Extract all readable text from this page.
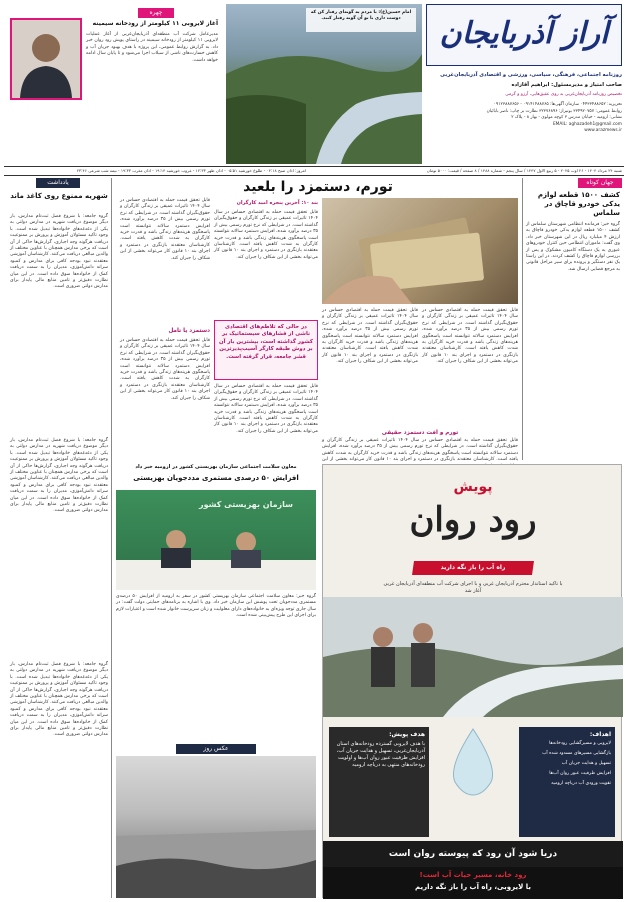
آراز آذربایجان
روزنامه اجتماعی، فرهنگی، سیاسی، ورزشی و اقتصادی آذربایجان‌غربی
صاحب امتیاز و مدیرمسئول: ابراهیم آقازاده
تخصیص روزنامه آذربایجان‌غربی به روی عقیق‌هایی، آرزو و گرمی
تحریریه: ۰۴۴۳۳۴۸۸۶۵۲ سازمان آگهی‌ها: ۰۹۱۴۱۴۸۸۷۶۵ - ۰۹۱۲۳۸۸۷۶۵۶
روابط عمومی: ۳۳۴۹۲۰۷۵۷ بوتیراژ: ۳۲۳۷۶۸۹۶ نظارت بر چاپ: ناصر بابائیان
نشانی: ارومیه - خیابان مدرس ۳ کوچه مولوی - بهار ۸ - پلاک ۲
EMAIL: aghazadeh1@gmail.com
www.arazmews.ir
امام حسین(ع): با مردم به گونه‌ای رفتار کن که دوست داری با تو آن گونه رفتار کنند.
چهره
آغاز لایروبی ۱۱ کیلومتر از رودخانه سیمینه
مدیرعامل شرکت آب منطقه‌ای آذربایجان‌غربی از آغاز عملیات لایروبی ۱۱ کیلومتر از رودخانه سیمینه در راستای پویش رود روان خبر داد. به گزارش روابط عمومی، این پروژه با هدف بهبود جریان آب و کاهش خسارت‌های ناشی از سیلاب اجرا می‌شود و تا پایان سال ادامه خواهد داشت.
شنبه ۲۴ مرداد ۱۴۰۴ - ۲۶ اوت ۲۰۲۵ - ۵ ربیع الاول ۱۴۴۷ / سال پنجم - شماره ۱۴۸۸ / ۸ صفحه / قیمت: ۵۰۰۰ تومان
امروز: اذان صبح ۰۴:۱۸ - طلوع خورشید ۰۵:۵۱ - اذان ظهر ۱۲:۳۳ - غروب خورشید ۱۹:۱۴ - اذان مغرب ۱۹:۳۳ - نیمه شب شرعی ۲۳:۴۶
جهان کوتاه
کشف ۱۵۰۰ قطعه لوازم یدکی خودرو قاچاق در سلماس
گروه خبر: فرمانده انتظامی شهرستان سلماس از کشف ۱۵۰۰ قطعه لوازم یدکی خودرو قاچاق به ارزش ۴ میلیارد ریال در این شهرستان خبر داد. وی گفت: ماموران انتظامی حین کنترل خودروهای عبوری به یک دستگاه کامیون مشکوک و پس از بررسی لوازم قاچاق را کشف کردند. در این راستا یک نفر دستگیر و پرونده برای سیر مراحل قانونی به مرجع قضایی ارسال شد.
تورم، دستمزد را بلعید
بند ۱۰: آخرین پنجره امید کارگران
قابل تحقق قیمت حمله به اقتصادی حساس در سال ۱۴۰۴ تاثیرات عمیقی بر زندگی کارگران و حقوق‌بگیران گذاشته است. در شرایطی که نرخ تورم رسمی بیش از ۳۵ درصد برآورد شده، افزایش دستمزد سالانه نتوانسته است پاسخگوی هزینه‌های زندگی باشد و قدرت خرید کارگران به شدت کاهش یافته است. کارشناسان معتقدند بازنگری در دستمزد و اجرای بند ۱۰ قانون کار می‌تواند بخشی از این شکاف را جبران کند.
دستمزد یا تامل
قابل تحقق قیمت حمله به اقتصادی حساس در سال ۱۴۰۴ تاثیرات عمیقی بر زندگی کارگران و حقوق‌بگیران گذاشته است. در شرایطی که نرخ تورم رسمی بیش از ۳۵ درصد برآورد شده، افزایش دستمزد سالانه نتوانسته است پاسخگوی هزینه‌های زندگی باشد و قدرت خرید کارگران به شدت کاهش یافته است. کارشناسان معتقدند بازنگری در دستمزد و اجرای بند ۱۰ قانون کار می‌تواند بخشی از این شکاف را جبران کند.
قابل تحقق قیمت حمله به اقتصادی حساس در سال ۱۴۰۴ تاثیرات عمیقی بر زندگی کارگران و حقوق‌بگیران گذاشته است. در شرایطی که نرخ تورم رسمی بیش از ۳۵ درصد برآورد شده، افزایش دستمزد سالانه نتوانسته است پاسخگوی هزینه‌های زندگی باشد و قدرت خرید کارگران به شدت کاهش یافته است. کارشناسان معتقدند بازنگری در دستمزد و اجرای بند ۱۰ قانون کار می‌تواند بخشی از این شکاف را جبران کند.
در حالی که تلاطم‌های اقتصادی ناشی از فشارهای سیستماتیک بر کشور گذاشته است، بیشترین بار آن بر دوش طبقه کارگر آسیب‌پذیرترین قشر جامعه، قرار گرفته است.
قابل تحقق قیمت حمله به اقتصادی حساس در سال ۱۴۰۴ تاثیرات عمیقی بر زندگی کارگران و حقوق‌بگیران گذاشته است. در شرایطی که نرخ تورم رسمی بیش از ۳۵ درصد برآورد شده، افزایش دستمزد سالانه نتوانسته است پاسخگوی هزینه‌های زندگی باشد و قدرت خرید کارگران به شدت کاهش یافته است. کارشناسان معتقدند بازنگری در دستمزد و اجرای بند ۱۰ قانون کار می‌تواند بخشی از این شکاف را جبران کند.
قابل تحقق قیمت حمله به اقتصادی حساس در سال ۱۴۰۴ تاثیرات عمیقی بر زندگی کارگران و حقوق‌بگیران گذاشته است. در شرایطی که نرخ تورم رسمی بیش از ۳۵ درصد برآورد شده، افزایش دستمزد سالانه نتوانسته است پاسخگوی هزینه‌های زندگی باشد و قدرت خرید کارگران به شدت کاهش یافته است. کارشناسان معتقدند بازنگری در دستمزد و اجرای بند ۱۰ قانون کار می‌تواند بخشی از این شکاف را جبران کند.
قابل تحقق قیمت حمله به اقتصادی حساس در سال ۱۴۰۴ تاثیرات عمیقی بر زندگی کارگران و حقوق‌بگیران گذاشته است. در شرایطی که نرخ تورم رسمی بیش از ۳۵ درصد برآورد شده، افزایش دستمزد سالانه نتوانسته است پاسخگوی هزینه‌های زندگی باشد و قدرت خرید کارگران به شدت کاهش یافته است. کارشناسان معتقدند بازنگری در دستمزد و اجرای بند ۱۰ قانون کار می‌تواند بخشی از این شکاف را جبران کند.
تورم و افت دستمزد حقیقی
قابل تحقق قیمت حمله به اقتصادی حساس در سال ۱۴۰۴ تاثیرات عمیقی بر زندگی کارگران و حقوق‌بگیران گذاشته است. در شرایطی که نرخ تورم رسمی بیش از ۳۵ درصد برآورد شده، افزایش دستمزد سالانه نتوانسته است پاسخگوی هزینه‌های زندگی باشد و قدرت خرید کارگران به شدت کاهش یافته است. کارشناسان معتقدند بازنگری در دستمزد و اجرای بند ۱۰ قانون کار می‌تواند بخشی از این
یادداشت
شهریه ممنوع روی کاغذ ماند
گروه جامعه: با شروع فصل ثبت‌نام مدارس، بار دیگر موضوع دریافت شهریه در مدارس دولتی به یکی از دغدغه‌های خانواده‌ها تبدیل شده است. با وجود تاکید مسئولان آموزش و پرورش بر ممنوعیت دریافت هرگونه وجه اجباری، گزارش‌ها حاکی از آن است که برخی مدارس همچنان با عناوین مختلف از والدین مبالغی دریافت می‌کنند. کارشناسان آموزشی معتقدند نبود بودجه کافی برای مدارس و کمبود سرانه دانش‌آموزی، مدیران را به سمت دریافت کمک از خانواده‌ها سوق داده است. در این میان نظارت دقیق‌تر و تامین منابع مالی پایدار برای مدارس دولتی ضروری است.
گروه جامعه: با شروع فصل ثبت‌نام مدارس، بار دیگر موضوع دریافت شهریه در مدارس دولتی به یکی از دغدغه‌های خانواده‌ها تبدیل شده است. با وجود تاکید مسئولان آموزش و پرورش بر ممنوعیت دریافت هرگونه وجه اجباری، گزارش‌ها حاکی از آن است که برخی مدارس همچنان با عناوین مختلف از والدین مبالغی دریافت می‌کنند. کارشناسان آموزشی معتقدند نبود بودجه کافی برای مدارس و کمبود سرانه دانش‌آموزی، مدیران را به سمت دریافت کمک از خانواده‌ها سوق داده است. در این میان نظارت دقیق‌تر و تامین منابع مالی پایدار برای مدارس دولتی ضروری است.
گروه جامعه: با شروع فصل ثبت‌نام مدارس، بار دیگر موضوع دریافت شهریه در مدارس دولتی به یکی از دغدغه‌های خانواده‌ها تبدیل شده است. با وجود تاکید مسئولان آموزش و پرورش بر ممنوعیت دریافت هرگونه وجه اجباری، گزارش‌ها حاکی از آن است که برخی مدارس همچنان با عناوین مختلف از والدین مبالغی دریافت می‌کنند. کارشناسان آموزشی معتقدند نبود بودجه کافی برای مدارس و کمبود سرانه دانش‌آموزی، مدیران را به سمت دریافت کمک از خانواده‌ها سوق داده است. در این میان نظارت دقیق‌تر و تامین منابع مالی پایدار برای مدارس دولتی ضروری است.
معاون سلامت اجتماعی سازمان بهزیستی کشور در ارومیه خبر داد
افزایش ۵۰ درصدی مستمری مددجویان بهزیستی
سازمان بهزیستی کشور
گروه خبر: معاون سلامت اجتماعی سازمان بهزیستی کشور در سفر به ارومیه از افزایش ۵۰ درصدی مستمری مددجویان تحت پوشش این سازمان خبر داد. وی با اشاره به برنامه‌های حمایتی دولت گفت: در سال جاری توجه ویژه‌ای به خانواده‌های دارای معلولیت و زنان سرپرست خانوار شده است و اعتبارات لازم برای اجرای این طرح پیش‌بینی شده است.
عکس روز
پویش
رود روان
راه آب را باز نگه دارید
با تاکید استاندار محترم آذربایجان غربی و با اجرای شرکت آب منطقه‌ای آذربایجان غربی آغاز شد
اهداف:
لایروبی و مسیرگشایی رودخانه‌ها
بازگشایی مسیرهای مسدود شده آب
تسهیل و هدایت جریان آب
افزایش ظرفیت عبور روان آب‌ها
تقویت ورودی آب دریاچه ارومیه
هدف پویش:
با هدف لایروبی گسترده رودخانه‌های استان آذربایجان‌غربی، تسهیل و هدایت جریان آب، افزایش ظرفیت عبور روان آب‌ها و اولویت رودخانه‌های منتهی به دریاچه ارومیه
دریا شود آن رود که پیوسته روان است
رود خانه، مسیر حیات آب است!
با لایروبی، راه آب را باز نگه داریم
